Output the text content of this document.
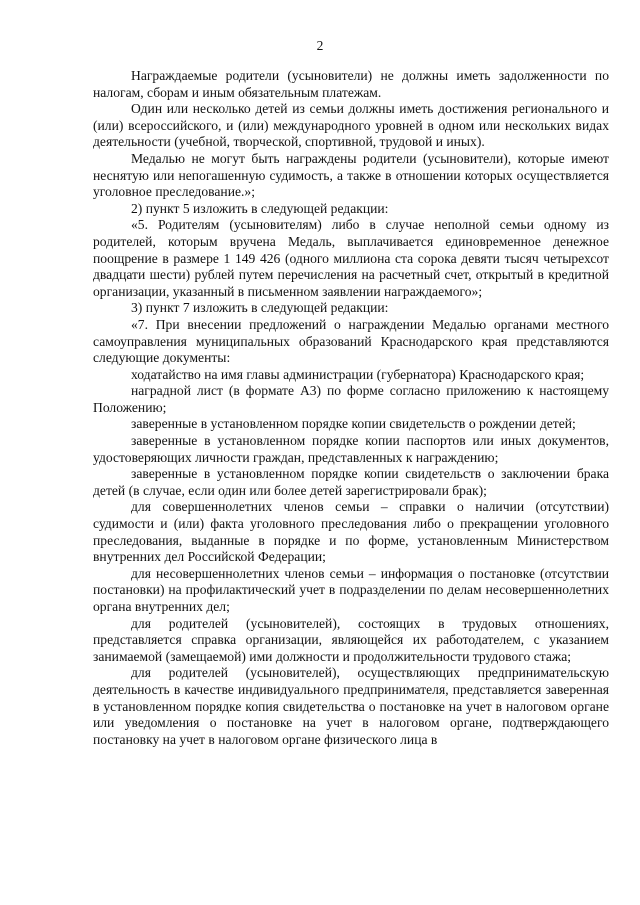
2

Награждаемые родители (усыновители) не должны иметь задолженности по налогам, сборам и иным обязательным платежам.

Один или несколько детей из семьи должны иметь достижения регионального и (или) всероссийского, и (или) международного уровней в одном или нескольких видах деятельности (учебной, творческой, спортивной, трудовой и иных).

Медалью не могут быть награждены родители (усыновители), которые имеют неснятую или непогашенную судимость, а также в отношении которых осуществляется уголовное преследование.»;

2) пункт 5 изложить в следующей редакции:

«5. Родителям (усыновителям) либо в случае неполной семьи одному из родителей, которым вручена Медаль, выплачивается единовременное денежное поощрение в размере 1 149 426 (одного миллиона ста сорока девяти тысяч четырехсот двадцати шести) рублей путем перечисления на расчетный счет, открытый в кредитной организации, указанный в письменном заявлении награждаемого»;

3) пункт 7 изложить в следующей редакции:

«7. При внесении предложений о награждении Медалью органами местного самоуправления муниципальных образований Краснодарского края представляются следующие документы:

ходатайство на имя главы администрации (губернатора) Краснодарского края;

наградной лист (в формате А3) по форме согласно приложению к настоящему Положению;

заверенные в установленном порядке копии свидетельств о рождении детей;

заверенные в установленном порядке копии паспортов или иных документов, удостоверяющих личности граждан, представленных к награждению;

заверенные в установленном порядке копии свидетельств о заключении брака детей (в случае, если один или более детей зарегистрировали брак);

для совершеннолетних членов семьи – справки о наличии (отсутствии) судимости и (или) факта уголовного преследования либо о прекращении уголовного преследования, выданные в порядке и по форме, установленным Министерством внутренних дел Российской Федерации;

для несовершеннолетних членов семьи – информация о постановке (отсутствии постановки) на профилактический учет в подразделении по делам несовершеннолетних органа внутренних дел;

для родителей (усыновителей), состоящих в трудовых отношениях, представляется справка организации, являющейся их работодателем, с указанием занимаемой (замещаемой) ими должности и продолжительности трудового стажа;

для родителей (усыновителей), осуществляющих предпринимательскую деятельность в качестве индивидуального предпринимателя, представляется заверенная в установленном порядке копия свидетельства о постановке на учет в налоговом органе или уведомления о постановке на учет в налоговом органе, подтверждающего постановку на учет в налоговом органе физического лица в
